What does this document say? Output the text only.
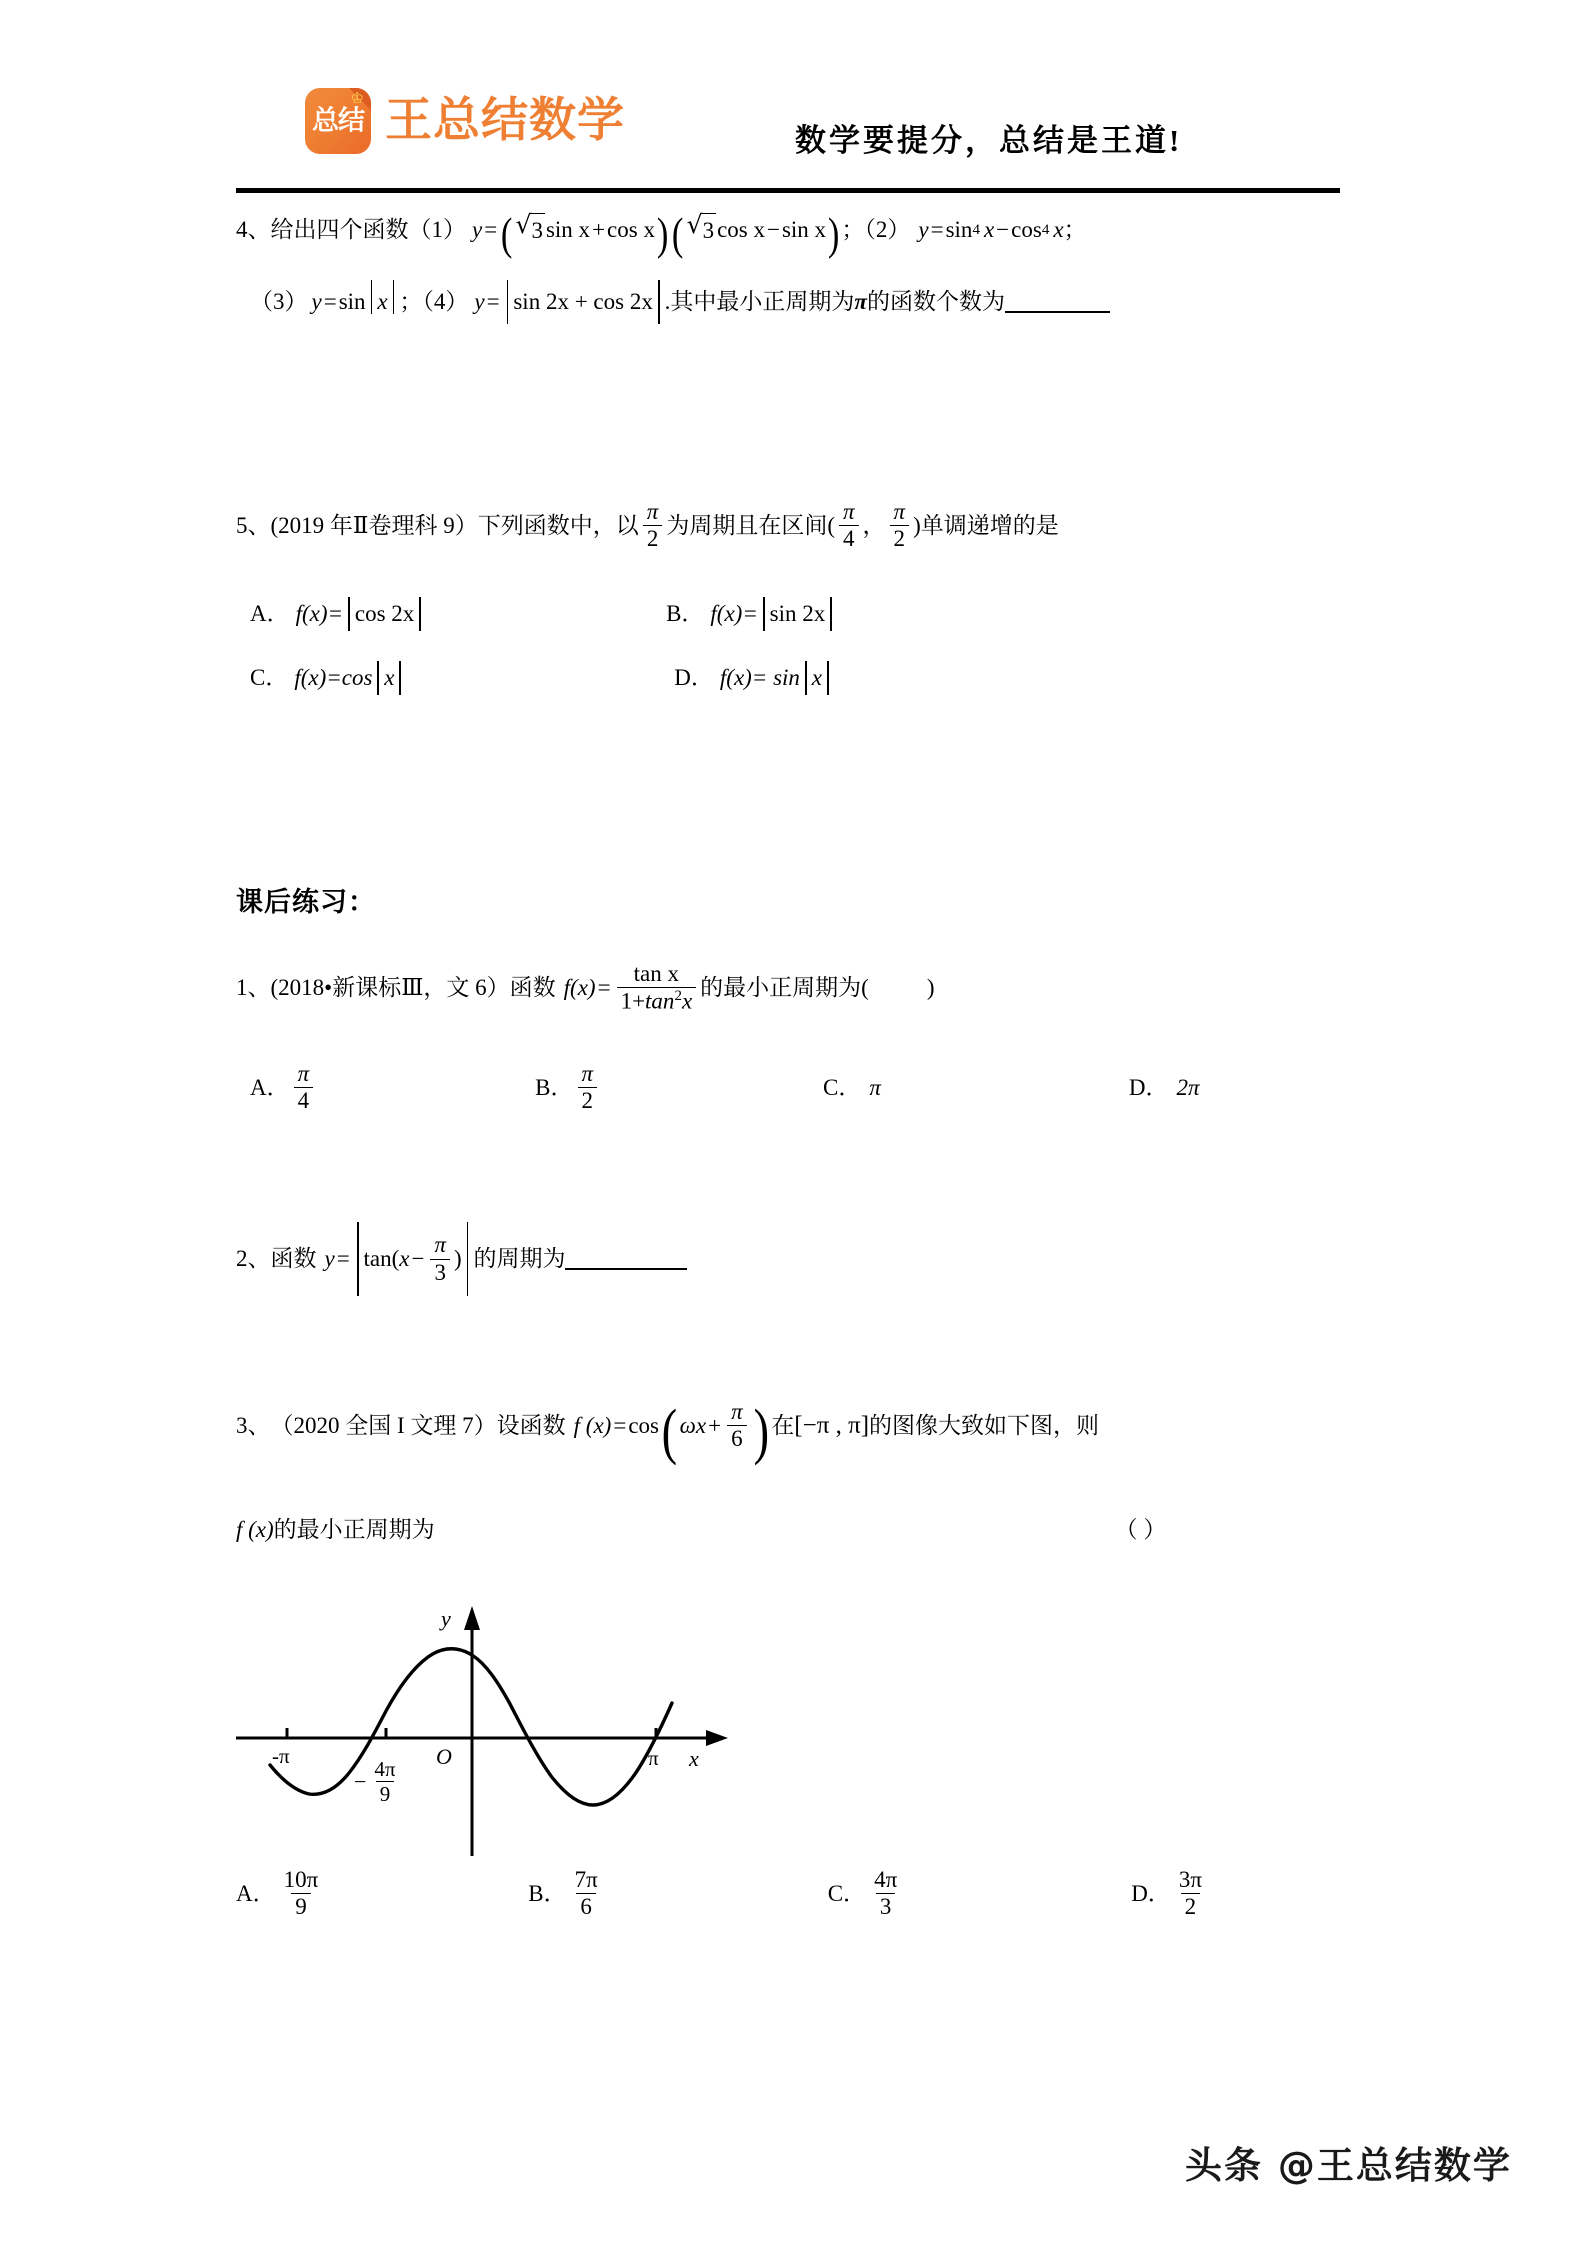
♔
总结 王总结数学	数学要提分，总结是王道!
4、 给出四个函数（1） y = ( √ 3 sin x + cos x ) ( √ 3 cos x − sin x ) ；（2） y = sin 4 x − cos 4 x ；
（3） y = sin x ；（4） y = sin 2x + cos 2x .其中最小正周期为 π 的函数个数为
5、 (2019 年Ⅱ卷理科 9） 下列函数中，以 $\frac{\pi}{2}$ 为周期且在区间( $\frac{\pi}{4}$ ， $\frac{\pi}{2}$ )单调递增的是
A． f(x)= cos 2x	B． f(x)= sin 2x
C． f(x)=cos x	D． f(x)= sin x
课后练习：
1、 (2018•新课标Ⅲ，文 6） 函数 $f(x) = \frac{\text{tan x}}{1+\tan^2x}$ 的最小正周期为(	)
A． $\frac{\pi}{4}$	B． $\frac{\pi}{2}$	C． π	D． 2π
2、 函数 y = tan( $x - \frac{\pi}{3}$ ) 的周期为
3、 （2020 全国 I 文理 7） 设函数 f (x) = cos ( $\omega x + \frac{\pi}{6}$ ) 在 [−π , π] 的图像大致如下图，则
f (x) 的最小正周期为	（ ）
-π	π x
y
O
− $\frac{4\pi}{9}$
A． $\frac{10\pi}{9}$	B． $\frac{7\pi}{6}$	C． $\frac{4\pi}{3}$	D． $\frac{3\pi}{2}$
头条 @王总结数学
